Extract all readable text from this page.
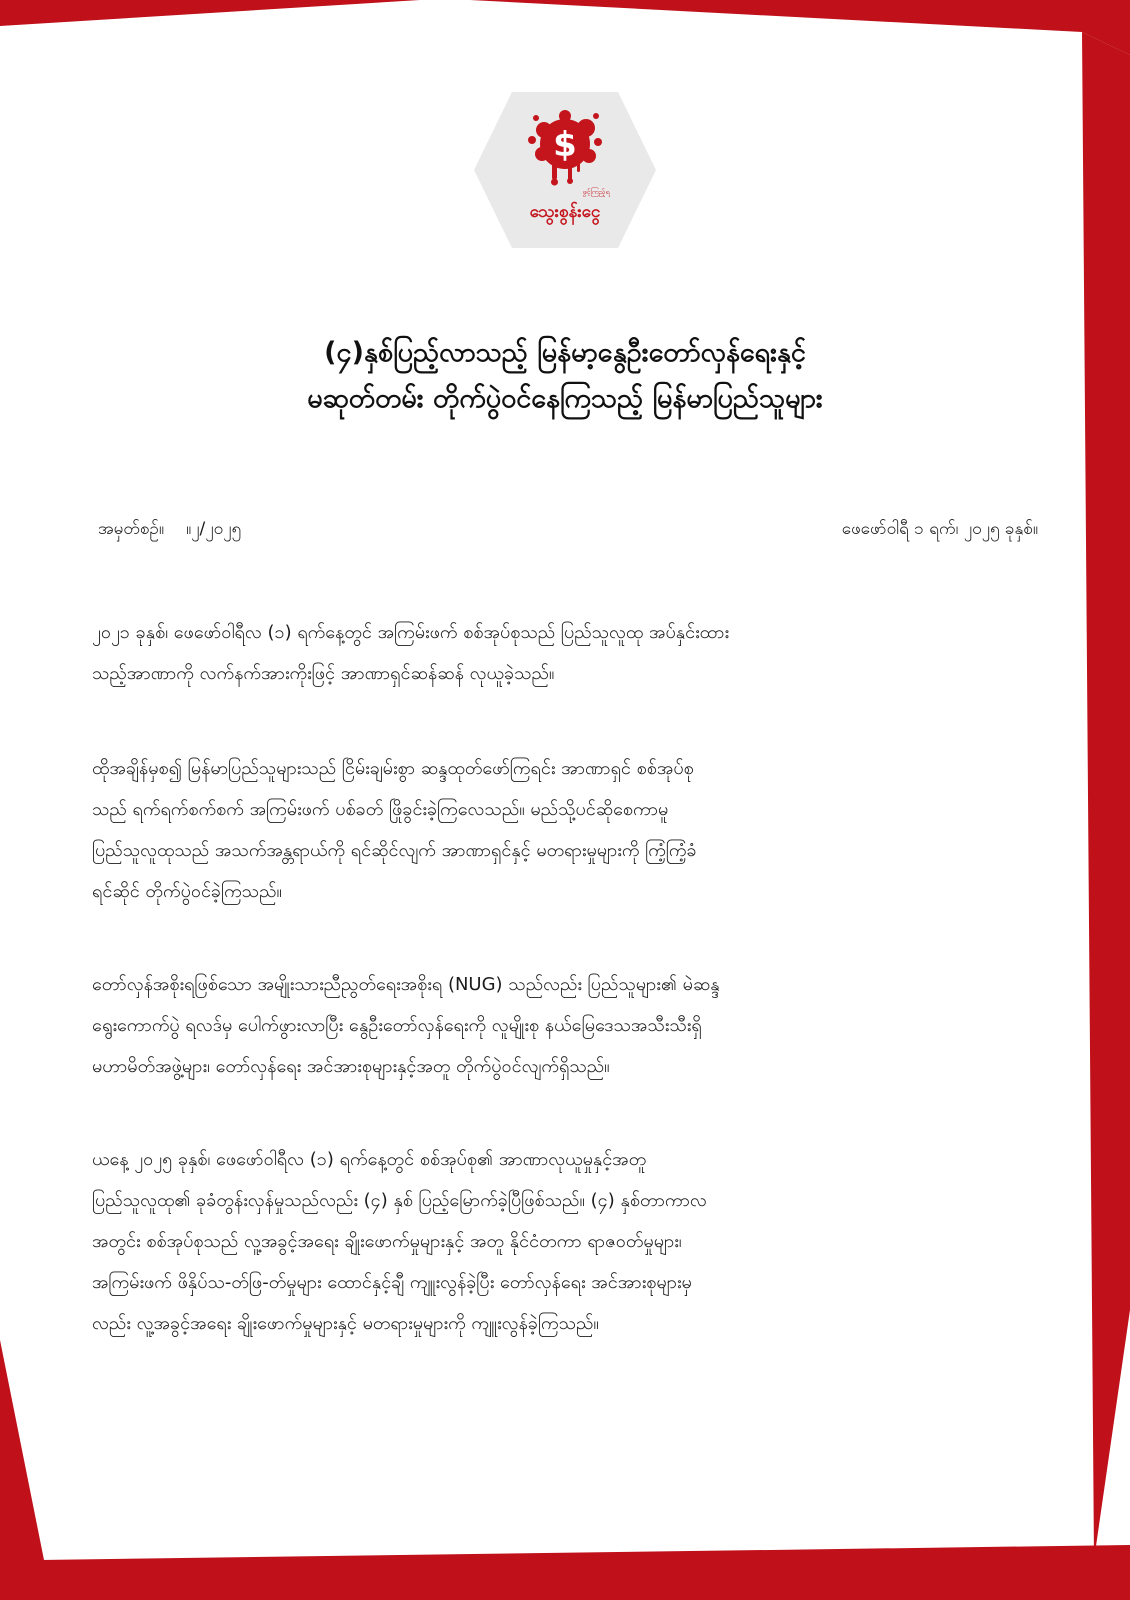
$
ဖွင့်ကြည့်ရ
သွေးစွန်းငွေ
(၄)နှစ်ပြည့်လာသည့် မြန်မာ့နွေဦးတော်လှန်ရေးနှင့်
မဆုတ်တမ်း တိုက်ပွဲဝင်နေကြသည့် မြန်မာပြည်သူများ
အမှတ်စဉ်။ ။၂/၂၀၂၅	ဖေဖော်ဝါရီ ၁ ရက်၊ ၂၀၂၅ ခုနှစ်။
၂၀၂၁ ခုနှစ်၊ ဖေဖော်ဝါရီလ (၁) ရက်နေ့တွင် အကြမ်းဖက် စစ်အုပ်စုသည် ပြည်သူလူထု အပ်နှင်းထား
သည့်အာဏာကို လက်နက်အားကိုးဖြင့် အာဏာရှင်ဆန်ဆန် လုယူခဲ့သည်။
ထိုအချိန်မှစ၍ မြန်မာပြည်သူများသည် ငြိမ်းချမ်းစွာ ဆန္ဒထုတ်ဖော်ကြရင်း အာဏာရှင် စစ်အုပ်စု
သည် ရက်ရက်စက်စက် အကြမ်းဖက် ပစ်ခတ် ဖြိုခွင်းခဲ့ကြလေသည်။ မည်သို့ပင်ဆိုစေကာမူ
ပြည်သူလူထုသည် အသက်အန္တရာယ်ကို ရင်ဆိုင်လျက် အာဏာရှင်နှင့် မတရားမှုများကို ကြံ့ကြံ့ခံ
ရင်ဆိုင် တိုက်ပွဲဝင်ခဲ့ကြသည်။
တော်လှန်အစိုးရဖြစ်သော အမျိုးသားညီညွတ်ရေးအစိုးရ (NUG) သည်လည်း ပြည်သူများ၏ မဲဆန္ဒ
ရွေးကောက်ပွဲ ရလဒ်မှ ပေါက်ဖွားလာပြီး နွေဦးတော်လှန်ရေးကို လူမျိုးစု နယ်မြေဒေသအသီးသီးရှိ
မဟာမိတ်အဖွဲ့များ၊ တော်လှန်ရေး အင်အားစုများနှင့်အတူ တိုက်ပွဲဝင်လျက်ရှိသည်။
ယနေ့ ၂၀၂၅ ခုနှစ်၊ ဖေဖော်ဝါရီလ (၁) ရက်နေ့တွင် စစ်အုပ်စု၏ အာဏာလုယူမှုနှင့်အတူ
ပြည်သူလူထု၏ ခုခံတွန်းလှန်မှုသည်လည်း (၄) နှစ် ပြည့်မြောက်ခဲ့ပြီဖြစ်သည်။ (၄) နှစ်တာကာလ
အတွင်း စစ်အုပ်စုသည် လူ့အခွင့်အရေး ချိုးဖောက်မှုများနှင့် အတူ နိုင်ငံတကာ ရာဇဝတ်မှုများ၊
အကြမ်းဖက် ဖိနှိပ်သ-တ်ဖြ-တ်မှုများ ထောင်နှင့်ချီ ကျူးလွန်ခဲ့ပြီး တော်လှန်ရေး အင်အားစုများမှ
လည်း လူ့အခွင့်အရေး ချိုးဖောက်မှုများနှင့် မတရားမှုများကို ကျူးလွန်ခဲ့ကြသည်။
